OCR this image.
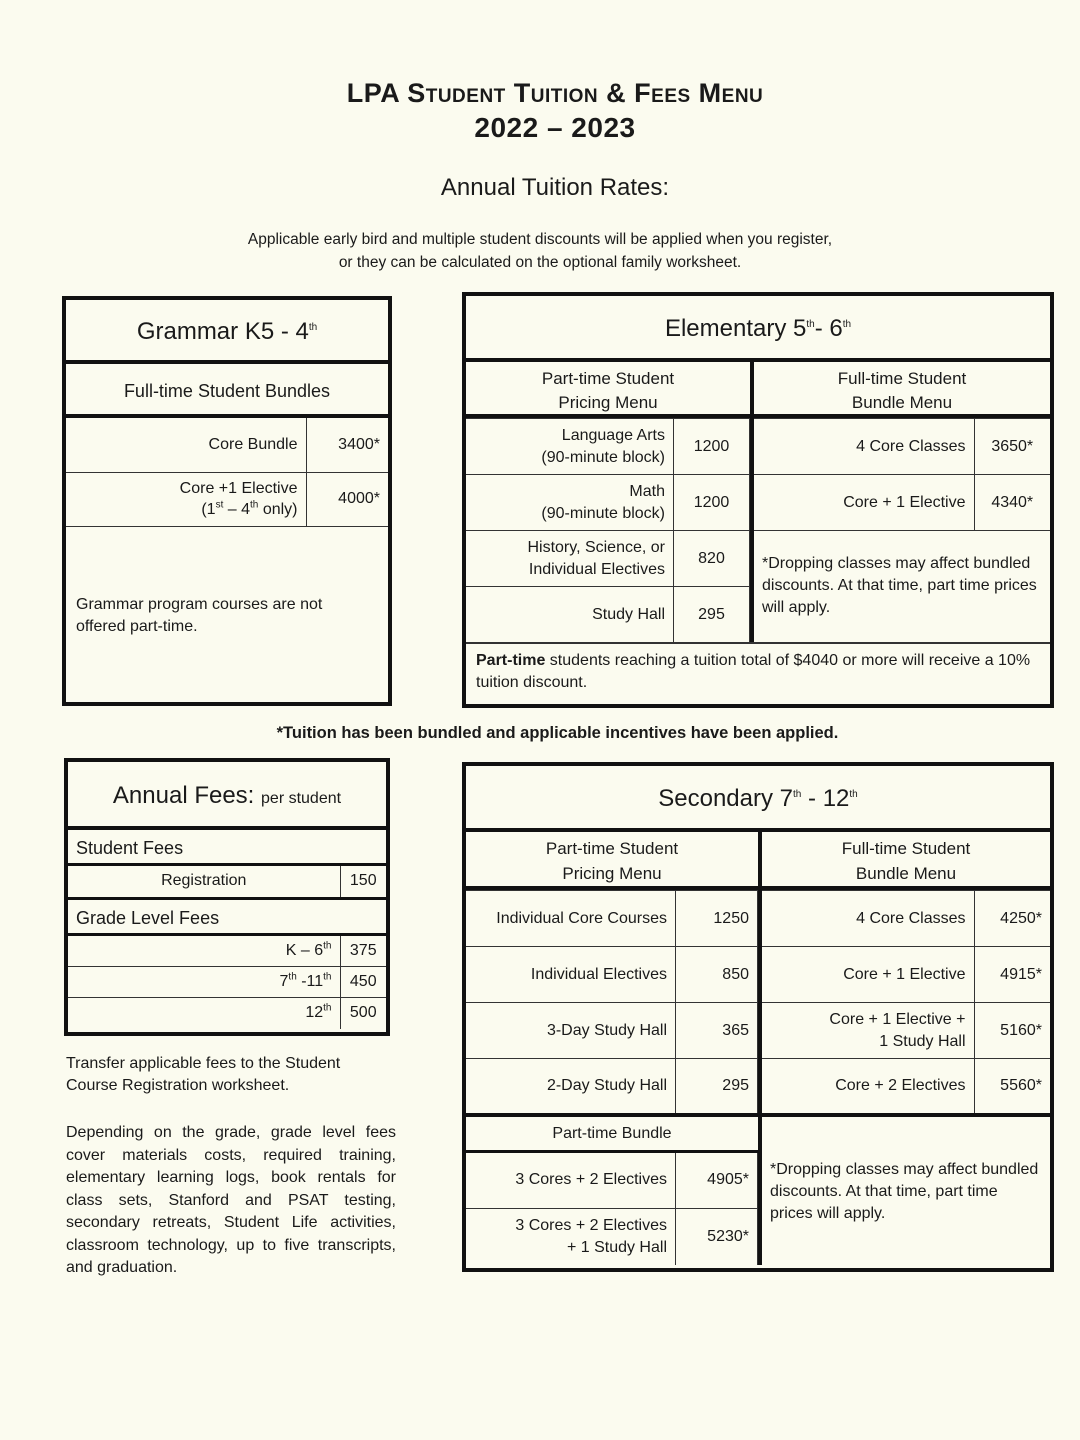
LPA Student Tuition & Fees Menu
2022 – 2023
Annual Tuition Rates:
Applicable early bird and multiple student discounts will be applied when you register,
or they can be calculated on the optional family worksheet.
Grammar K5 - 4th
Full-time Student Bundles
Core Bundle	3400*

Core +1 Elective
(1st – 4th only)	4000*
Grammar program courses are not offered part-time.
Elementary 5th- 6th
Part-time Student
Pricing Menu
Language Arts
(90-minute block)	1200

Math
(90-minute block)	1200

History, Science, or
Individual Electives	820
Study Hall	295
Full-time Student
Bundle Menu
4 Core Classes	3650*
Core + 1 Elective	4340*
*Dropping classes may affect bundled discounts. At that time, part time prices will apply.
Part-time students reaching a tuition total of $4040 or more will receive a 10% tuition discount.
*Tuition has been bundled and applicable incentives have been applied.
Annual Fees: per student
Student Fees
Registration	150
Grade Level Fees
K – 6th	375
7th -11th	450
12th	500
Transfer applicable fees to the Student Course Registration worksheet.
Depending on the grade, grade level fees cover materials costs, required training, elementary learning logs, book rentals for class sets, Stanford and PSAT testing, secondary retreats, Student Life activities, classroom technology, up to five transcripts, and graduation.
Secondary 7th - 12th
Part-time Student
Pricing Menu
Individual Core Courses	1250
Individual Electives	850
3-Day Study Hall	365
2-Day Study Hall	295
Part-time Bundle
3 Cores + 2 Electives	4905*

3 Cores + 2 Electives
+ 1 Study Hall	5230*
Full-time Student
Bundle Menu
4 Core Classes	4250*
Core + 1 Elective	4915*

Core + 1 Elective +
1 Study Hall	5160*
Core + 2 Electives	5560*
*Dropping classes may affect bundled discounts. At that time, part time prices will apply.
